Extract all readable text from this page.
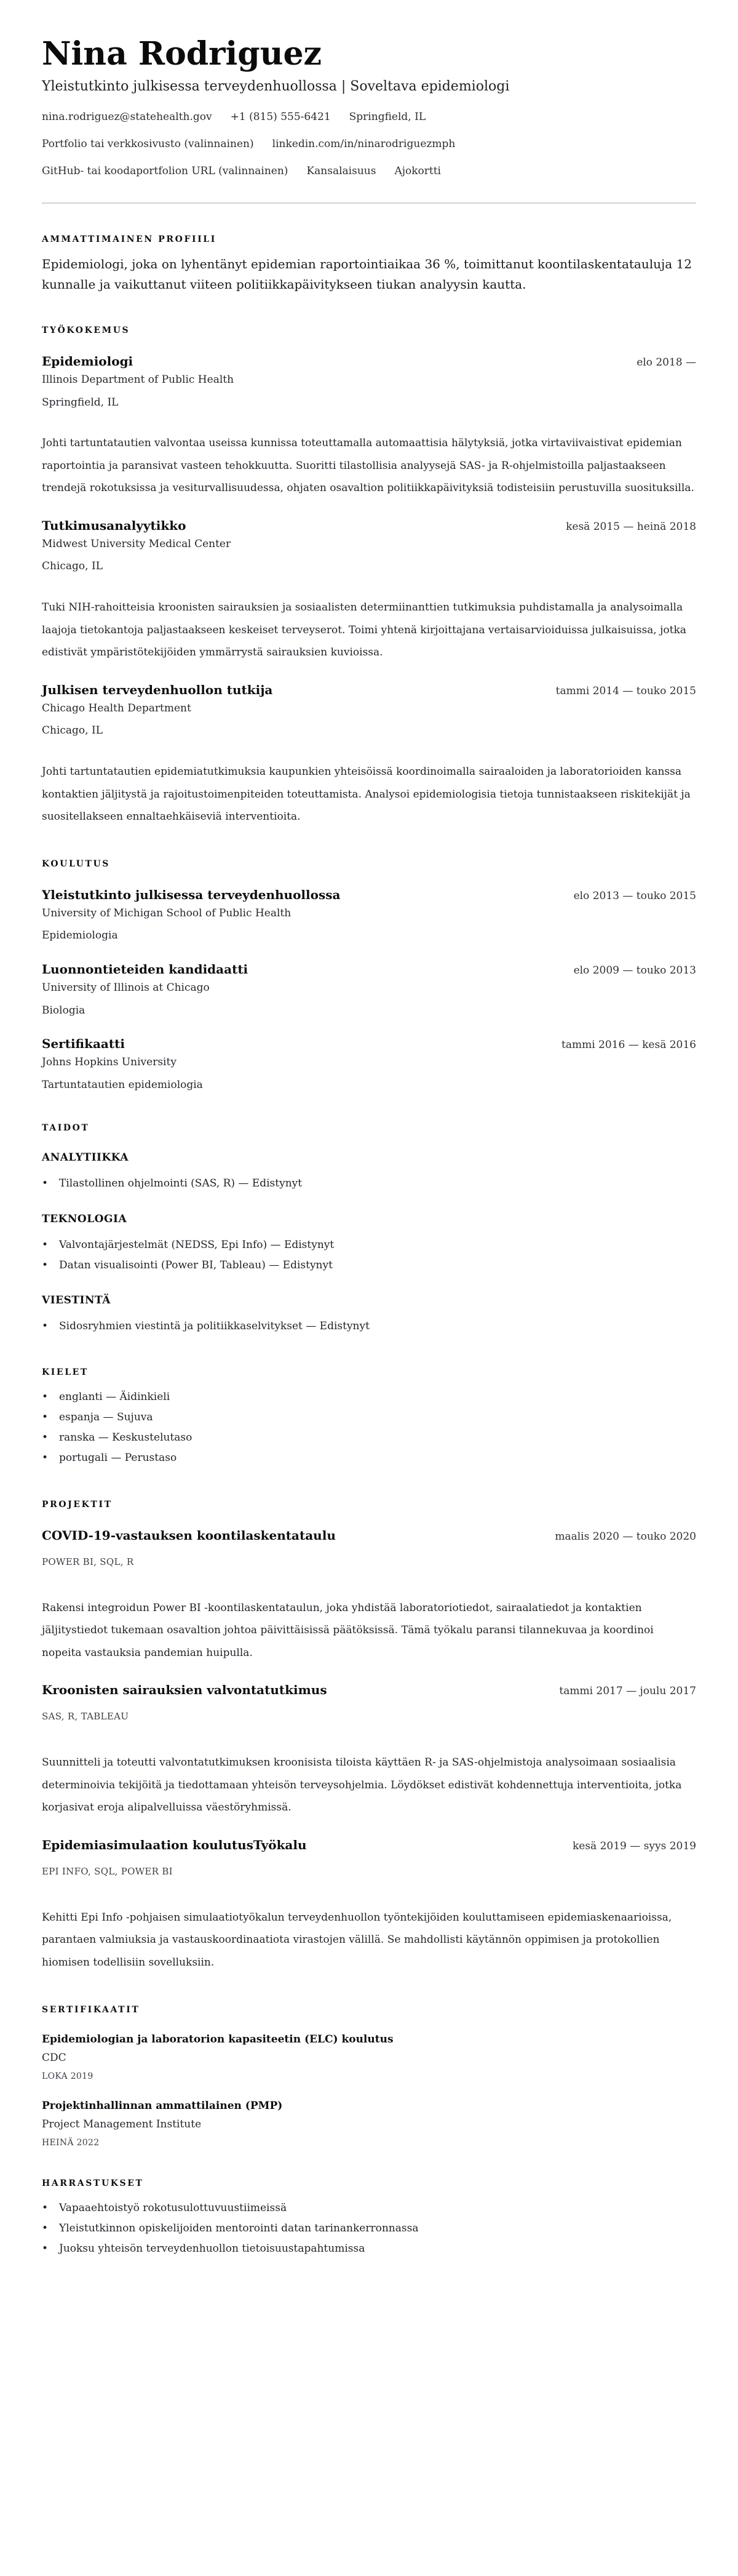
Nina Rodriguez
Yleistutkinto julkisessa terveydenhuollossa | Soveltava epidemiologi
nina.rodriguez@statehealth.gov +1 (815) 555-6421 Springfield, IL
Portfolio tai verkkosivusto (valinnainen) linkedin.com/in/ninarodriguezmph
GitHub- tai koodaportfolion URL (valinnainen) Kansalaisuus Ajokortti
AMMATTIMAINEN PROFIILI

Epidemiologi, joka on lyhentänyt epidemian raportointiaikaa 36 %, toimittanut koontilaskentatauluja 12 kunnalle ja vaikuttanut viiteen politiikkapäivitykseen tiukan analyysin kautta.

TYÖKOKEMUS
Epidemiologi	elo 2018 —
Illinois Department of Public Health
Springfield, IL

Johti tartuntatautien valvontaa useissa kunnissa toteuttamalla automaattisia hälytyksiä, jotka virtaviivaistivat epidemian raportointia ja paransivat vasteen tehokkuutta. Suoritti tilastollisia analyysejä SAS- ja R-ohjelmistoilla paljastaakseen trendejä rokotuksissa ja vesiturvallisuudessa, ohjaten osavaltion politiikkapäivityksiä todisteisiin perustuvilla suosituksilla.

Tutkimusanalyytikko	kesä 2015 — heinä 2018
Midwest University Medical Center
Chicago, IL

Tuki NIH-rahoitteisia kroonisten sairauksien ja sosiaalisten determiinanttien tutkimuksia puhdistamalla ja analysoimalla laajoja tietokantoja paljastaakseen keskeiset terveyserot. Toimi yhtenä kirjoittajana vertaisarvioiduissa julkaisuissa, jotka edistivät ympäristötekijöiden ymmärrystä sairauksien kuvioissa.

Julkisen terveydenhuollon tutkija	tammi 2014 — touko 2015
Chicago Health Department
Chicago, IL

Johti tartuntatautien epidemiatutkimuksia kaupunkien yhteisöissä koordinoimalla sairaaloiden ja laboratorioiden kanssa kontaktien jäljitystä ja rajoitustoimenpiteiden toteuttamista. Analysoi epidemiologisia tietoja tunnistaakseen riskitekijät ja suositellakseen ennaltaehkäiseviä interventioita.

KOULUTUS
Yleistutkinto julkisessa terveydenhuollossa	elo 2013 — touko 2015
University of Michigan School of Public Health
Epidemiologia
Luonnontieteiden kandidaatti	elo 2009 — touko 2013
University of Illinois at Chicago
Biologia
Sertifikaatti	tammi 2016 — kesä 2016
Johns Hopkins University
Tartuntatautien epidemiologia
TAIDOT
ANALYTIIKKA
• Tilastollinen ohjelmointi (SAS, R) — Edistynyt
TEKNOLOGIA
• Valvontajärjestelmät (NEDSS, Epi Info) — Edistynyt
• Datan visualisointi (Power BI, Tableau) — Edistynyt
VIESTINTÄ
• Sidosryhmien viestintä ja politiikkaselvitykset — Edistynyt
KIELET
• englanti — Äidinkieli
• espanja — Sujuva
• ranska — Keskustelutaso
• portugali — Perustaso
PROJEKTIT
COVID-19-vastauksen koontilaskentataulu	maalis 2020 — touko 2020
POWER BI, SQL, R

Rakensi integroidun Power BI -koontilaskentataulun, joka yhdistää laboratoriotiedot, sairaalatiedot ja kontaktien jäljitystiedot tukemaan osavaltion johtoa päivittäisissä päätöksissä. Tämä työkalu paransi tilannekuvaa ja koordinoi nopeita vastauksia pandemian huipulla.

Kroonisten sairauksien valvontatutkimus	tammi 2017 — joulu 2017
SAS, R, TABLEAU

Suunnitteli ja toteutti valvontatutkimuksen kroonisista tiloista käyttäen R- ja SAS-ohjelmistoja analysoimaan sosiaalisia determinoivia tekijöitä ja tiedottamaan yhteisön terveysohjelmia. Löydökset edistivät kohdennettuja interventioita, jotka korjasivat eroja alipalvelluissa väestöryhmissä.

Epidemiasimulaation koulutusTyökalu	kesä 2019 — syys 2019
EPI INFO, SQL, POWER BI

Kehitti Epi Info -pohjaisen simulaatiotyökalun terveydenhuollon työntekijöiden kouluttamiseen epidemiaskenaarioissa, parantaen valmiuksia ja vastauskoordinaatiota virastojen välillä. Se mahdollisti käytännön oppimisen ja protokollien hiomisen todellisiin sovelluksiin.

SERTIFIKAATIT
Epidemiologian ja laboratorion kapasiteetin (ELC) koulutus
CDC
LOKA 2019
Projektinhallinnan ammattilainen (PMP)
Project Management Institute
HEINÄ 2022
HARRASTUKSET
• Vapaaehtoistyö rokotusulottuvuustiimeissä
• Yleistutkinnon opiskelijoiden mentorointi datan tarinankerronnassa
• Juoksu yhteisön terveydenhuollon tietoisuustapahtumissa
